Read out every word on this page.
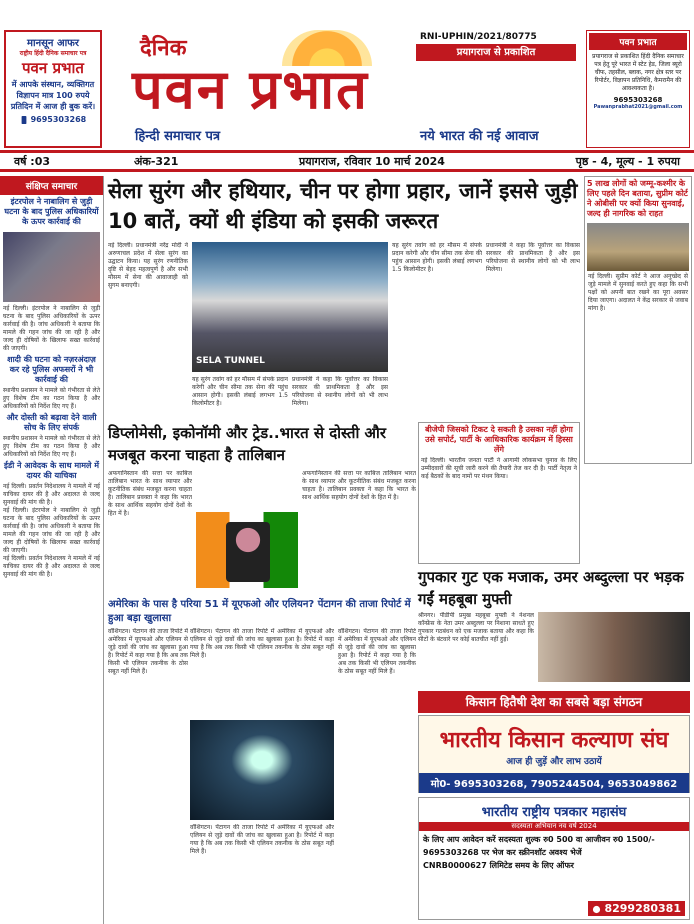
मानसून आफर
राष्ट्रीय हिंदी दैनिक समाचार पत्र
पवन प्रभात
में आपके संस्थान, व्यक्तिगत विज्ञापन मात्र 100 रुपये प्रतिदिन में आज ही बुक करें।
9695303268
दैनिक
पवन प्रभात
हिन्दी समाचार पत्र
RNI-UPHIN/2021/80775
प्रयागराज से प्रकाशित
नये भारत की नई आवाज
पवन प्रभात
प्रयागराज से प्रकाशित हिंदी दैनिक समाचार पत्र हेतु पूरे भारत में स्टेट हेड, जिला ब्यूरो चीफ, तहसील, ब्लाक, नगर क्षेत्र स्तर पर रिपोर्टर, विज्ञापन प्रतिनिधि, कैमरामैन की आवश्यकता है।
9695303268
Pawanprabhat2021@gmail.com
वर्ष :03	अंक-321	प्रयागराज, रविवार 10 मार्च 2024	पृष्ठ - 4, मूल्य - 1 रुपया
संक्षिप्त समाचार
इंटरपोल ने नाबालिग से जुड़ी घटना के बाद पुलिस अधिकारियों के ऊपर कार्रवाई की
नई दिल्ली। इंटरपोल ने नाबालिग से जुड़ी घटना के बाद पुलिस अधिकारियों के ऊपर कार्रवाई की है। जांच अधिकारी ने बताया कि मामले की गहन जांच की जा रही है और जल्द ही दोषियों के खिलाफ सख्त कार्रवाई की जाएगी।
शादी की घटना को नज़रअंदाज़ कर रहे पुलिस अफसरों ने भी कार्रवाई की
स्थानीय प्रशासन ने मामले को गंभीरता से लेते हुए विशेष टीम का गठन किया है और अधिकारियों को निर्देश दिए गए हैं।
और दोस्ती को बढ़ावा देने वाली सोच के लिए संपर्क
स्थानीय प्रशासन ने मामले को गंभीरता से लेते हुए विशेष टीम का गठन किया है और अधिकारियों को निर्देश दिए गए हैं।
ईडी ने आवेदक के साथ मामले में दायर की याचिका
नई दिल्ली। प्रवर्तन निदेशालय ने मामले में नई याचिका दायर की है और अदालत से जल्द सुनवाई की मांग की है।
नई दिल्ली। इंटरपोल ने नाबालिग से जुड़ी घटना के बाद पुलिस अधिकारियों के ऊपर कार्रवाई की है। जांच अधिकारी ने बताया कि मामले की गहन जांच की जा रही है और जल्द ही दोषियों के खिलाफ सख्त कार्रवाई की जाएगी।
नई दिल्ली। प्रवर्तन निदेशालय ने मामले में नई याचिका दायर की है और अदालत से जल्द सुनवाई की मांग की है।
सेला सुरंग और हथियार, चीन पर होगा प्रहार, जानें इससे जुड़ी 10 बातें, क्यों थी इंडिया को इसकी जरूरत
नई दिल्ली। प्रधानमंत्री नरेंद्र मोदी ने अरुणाचल प्रदेश में सेला सुरंग का उद्घाटन किया। यह सुरंग रणनीतिक दृष्टि से बेहद महत्वपूर्ण है और सभी मौसम में सेना की आवाजाही को सुगम बनाएगी।
SELA TUNNEL
यह सुरंग तवांग को हर मौसम में संपर्क प्रदान करेगी और चीन सीमा तक सेना की पहुंच आसान होगी। इसकी लंबाई लगभग 1.5 किलोमीटर है।
प्रधानमंत्री ने कहा कि पूर्वोत्तर का विकास सरकार की प्राथमिकता है और इस परियोजना से स्थानीय लोगों को भी लाभ मिलेगा।
यह सुरंग तवांग को हर मौसम में संपर्क प्रदान करेगी और चीन सीमा तक सेना की पहुंच आसान होगी। इसकी लंबाई लगभग 1.5 किलोमीटर है।
प्रधानमंत्री ने कहा कि पूर्वोत्तर का विकास सरकार की प्राथमिकता है और इस परियोजना से स्थानीय लोगों को भी लाभ मिलेगा।
5 लाख लोगों को जम्मू-कश्मीर के लिए पहले दिन बताया, सुप्रीम कोर्ट ने ओबीसी पर क्यों किया सुनवाई, जल्द ही नागरिक को राहत
नई दिल्ली। सुप्रीम कोर्ट ने आज अनुच्छेद से जुड़े मामले में सुनवाई करते हुए कहा कि सभी पक्षों को अपनी बात रखने का पूरा अवसर दिया जाएगा। अदालत ने केंद्र सरकार से जवाब मांगा है।
डिप्लोमेसी, इकोनॉमी और ट्रेड..भारत से दोस्ती और मजबूत करना चाहता है तालिबान
अफगानिस्तान की सत्ता पर काबिज तालिबान भारत के साथ व्यापार और कूटनीतिक संबंध मजबूत करना चाहता है। तालिबान प्रवक्ता ने कहा कि भारत के साथ आर्थिक सहयोग दोनों देशों के हित में है।
अफगानिस्तान की सत्ता पर काबिज तालिबान भारत के साथ व्यापार और कूटनीतिक संबंध मजबूत करना चाहता है। तालिबान प्रवक्ता ने कहा कि भारत के साथ आर्थिक सहयोग दोनों देशों के हित में है।
बीजेपी जिसको टिकट दे सकती है उसका नहीं होगा उसे सपोर्ट, पार्टी के आधिकारिक कार्यक्रम में हिस्सा लेंगे
नई दिल्ली। भारतीय जनता पार्टी ने आगामी लोकसभा चुनाव के लिए उम्मीदवारों की सूची जारी करने की तैयारी तेज कर दी है। पार्टी नेतृत्व ने कई बैठकों के बाद नामों पर मंथन किया।
गुपकार गुट एक मजाक, उमर अब्दुल्ला पर भड़क गईं महबूबा मुफ्ती
श्रीनगर। पीडीपी प्रमुख महबूबा मुफ्ती ने नेशनल कॉन्फ्रेंस के नेता उमर अब्दुल्ला पर निशाना साधते हुए गुपकार गठबंधन को एक मजाक बताया और कहा कि सीटों के बंटवारे पर कोई बातचीत नहीं हुई।
अमेरिका के पास है परिया 51 में यूएफओ और एलियन? पेंटागन की ताजा रिपोर्ट में हुआ बड़ा खुलासा
वॉशिंगटन। पेंटागन की ताजा रिपोर्ट में अमेरिका में यूएफओ और एलियन से जुड़े दावों की जांच का खुलासा हुआ है। रिपोर्ट में कहा गया है कि अब तक किसी भी एलियन तकनीक के ठोस सबूत नहीं मिले हैं।
वॉशिंगटन। पेंटागन की ताजा रिपोर्ट में अमेरिका में यूएफओ और एलियन से जुड़े दावों की जांच का खुलासा हुआ है। रिपोर्ट में कहा गया है कि अब तक किसी भी एलियन तकनीक के ठोस सबूत नहीं मिले हैं।
वॉशिंगटन। पेंटागन की ताजा रिपोर्ट में अमेरिका में यूएफओ और एलियन से जुड़े दावों की जांच का खुलासा हुआ है। रिपोर्ट में कहा गया है कि अब तक किसी भी एलियन तकनीक के ठोस सबूत नहीं मिले हैं।
वॉशिंगटन। पेंटागन की ताजा रिपोर्ट में अमेरिका में यूएफओ और एलियन से जुड़े दावों की जांच का खुलासा हुआ है। रिपोर्ट में कहा गया है कि अब तक किसी भी एलियन तकनीक के ठोस सबूत नहीं मिले हैं।
किसान हितैषी देश का सबसे बड़ा संगठन
भारतीय किसान कल्याण संघ
आज ही जुड़ें और लाभ उठायें
मो0- 9695303268, 7905244504, 9653049862
भारतीय राष्ट्रीय पत्रकार महासंघ
सदस्यता अभियान नव वर्ष 2024
के लिए आप आवेदन करें सदस्यता शुल्क रु0 500 वा आजीवन रु0 1500/-
9695303268 पर भेज कर स्क्रीनशॉट अवश्य भेजें
CNRB0000627 लिमिटेड समय के लिए ऑफर
8299280381
